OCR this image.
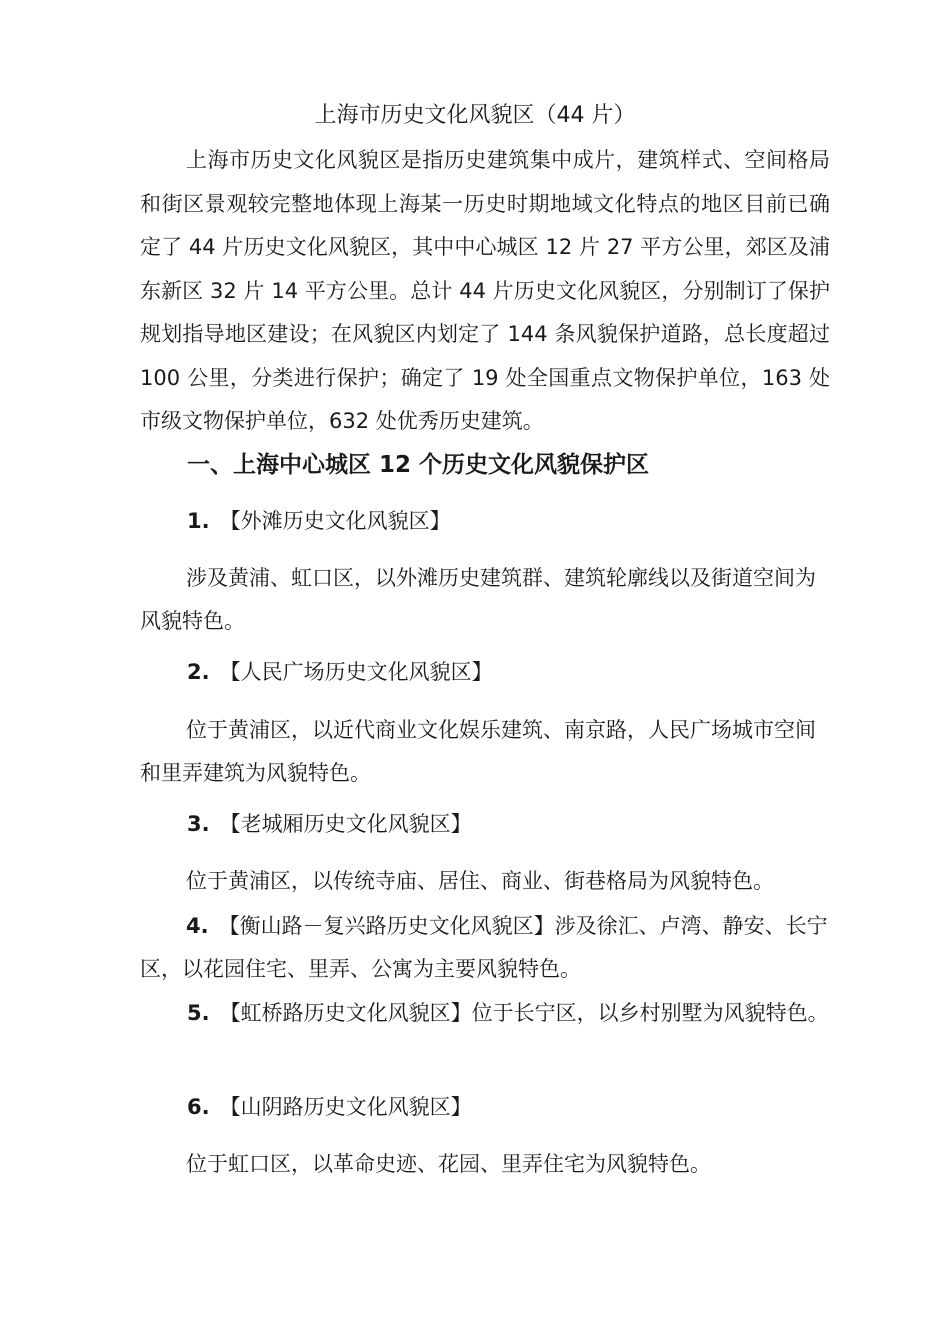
上海市历史文化风貌区（44 片）
上海市历史文化风貌区是指历史建筑集中成片，建筑样式、空间格局和街区景观较完整地体现上海某一历史时期地域文化特点的地区目前已确定了 44 片历史文化风貌区，其中中心城区 12 片 27 平方公里，郊区及浦东新区 32 片 14 平方公里。总计 44 片历史文化风貌区，分别制订了保护规划指导地区建设；在风貌区内划定了 144 条风貌保护道路，总长度超过 100 公里，分类进行保护；确定了 19 处全国重点文物保护单位，163 处市级文物保护单位，632 处优秀历史建筑。
一、上海中心城区 12 个历史文化风貌保护区
1. 【外滩历史文化风貌区】
涉及黄浦、虹口区，以外滩历史建筑群、建筑轮廓线以及街道空间为风貌特色。
2. 【人民广场历史文化风貌区】
位于黄浦区，以近代商业文化娱乐建筑、南京路，人民广场城市空间和里弄建筑为风貌特色。
3. 【老城厢历史文化风貌区】
位于黄浦区，以传统寺庙、居住、商业、街巷格局为风貌特色。
4. 【衡山路－复兴路历史文化风貌区】涉及徐汇、卢湾、静安、长宁区，以花园住宅、里弄、公寓为主要风貌特色。
5. 【虹桥路历史文化风貌区】位于长宁区，以乡村别墅为风貌特色。
6. 【山阴路历史文化风貌区】
位于虹口区，以革命史迹、花园、里弄住宅为风貌特色。
